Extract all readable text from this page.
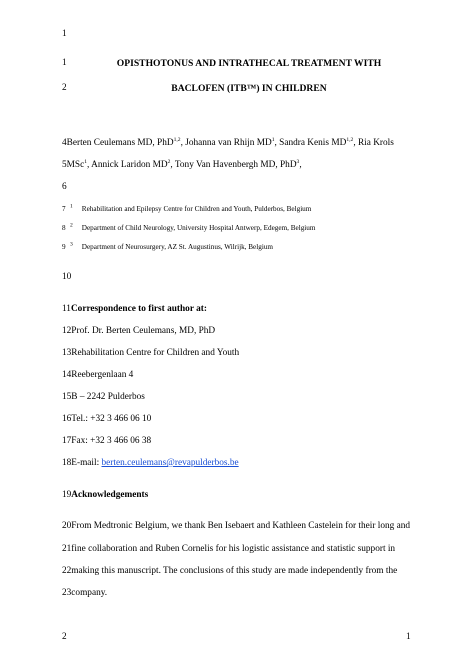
1
1	OPISTHOTONUS AND INTRATHECAL TREATMENT WITH
2	BACLOFEN (ITB™) IN CHILDREN
4Berten Ceulemans MD, PhD$^{1,2}$, Johanna van Rhijn $MD^1$, Sandra Kenis MD$^{1,2}$, Ria Krols
5MSc$^1$, Annick Laridon $MD^2$, Tony Van Havenbergh MD, PhD$^3$,
6
7 $^1$ Rehabilitation and Epilepsy Centre for Children and Youth, Pulderbos, Belgium
8 $^2$ Department of Child Neurology, University Hospital Antwerp, Edegem, Belgium
9 $^3$ Department of Neurosurgery, AZ St. Augustinus, Wilrijk, Belgium
10
11Correspondence to first author at:
12Prof. Dr. Berten Ceulemans, MD, PhD
13Rehabilitation Centre for Children and Youth
14Reebergenlaan 4
15B – 2242 Pulderbos
16Tel.: +32 3 466 06 10
17Fax: +32 3 466 06 38
18E-mail: berten.ceulemans@revapulderbos.be
19Acknowledgements
20From Medtronic Belgium, we thank Ben Isebaert and Kathleen Castelein for their long and
21fine collaboration and Ruben Cornelis for his logistic assistance and statistic support in
22making this manuscript. The conclusions of this study are made independently from the
23company.
2	1
